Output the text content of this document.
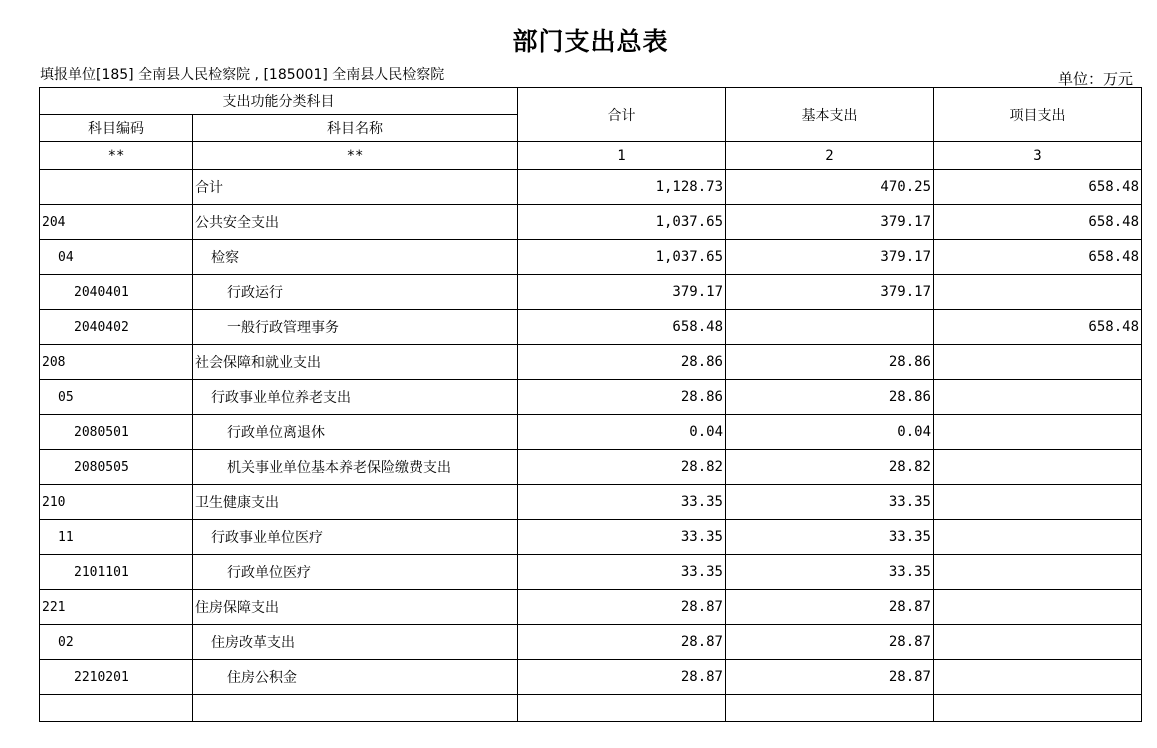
部门支出总表
填报单位[185] 全南县人民检察院 , [185001] 全南县人民检察院	单位：万元
支出功能分类科目		合计	基本支出	项目支出
科目编码	科目名称			
**	**	1	2	3
	合计	1,128.73	470.25	658.48
204	公共安全支出	1,037.65	379.17	658.48
04	检察	1,037.65	379.17	658.48
2040401	行政运行	379.17	379.17	
2040402	一般行政管理事务	658.48		658.48
208	社会保障和就业支出	28.86	28.86	
05	行政事业单位养老支出	28.86	28.86	
2080501	行政单位离退休	0.04	0.04	
2080505	机关事业单位基本养老保险缴费支出	28.82	28.82	
210	卫生健康支出	33.35	33.35	
11	行政事业单位医疗	33.35	33.35	
2101101	行政单位医疗	33.35	33.35	
221	住房保障支出	28.87	28.87	
02	住房改革支出	28.87	28.87	
2210201	住房公积金	28.87	28.87	
